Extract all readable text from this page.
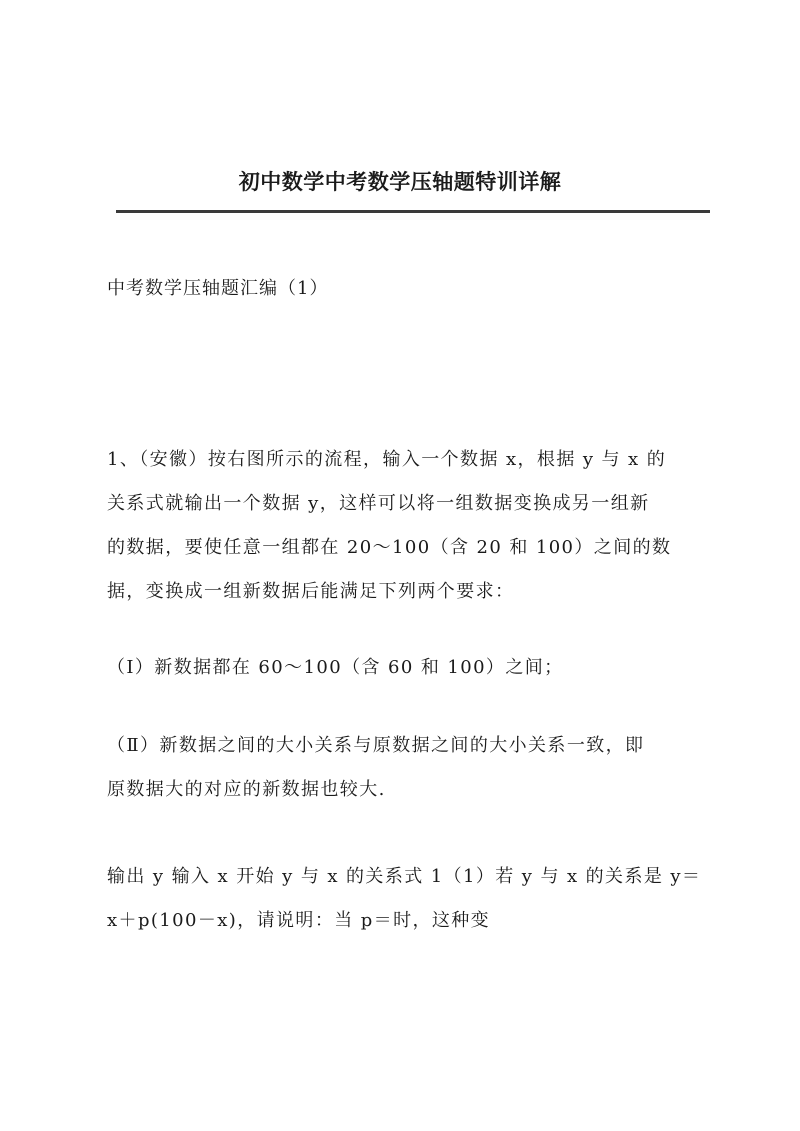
初中数学中考数学压轴题特训详解
中考数学压轴题汇编（1）
1、（安徽）按右图所示的流程，输入一个数据 x，根据 y 与 x 的
关系式就输出一个数据 y，这样可以将一组数据变换成另一组新
的数据，要使任意一组都在 20～100（含 20 和 100）之间的数
据，变换成一组新数据后能满足下列两个要求：
（Ⅰ）新数据都在 60～100（含 60 和 100）之间；
（Ⅱ）新数据之间的大小关系与原数据之间的大小关系一致，即
原数据大的对应的新数据也较大.
输出 y 输入 x 开始 y 与 x 的关系式 1（1）若 y 与 x 的关系是 y＝
x＋p(100－x)，请说明：当 p＝时，这种变
